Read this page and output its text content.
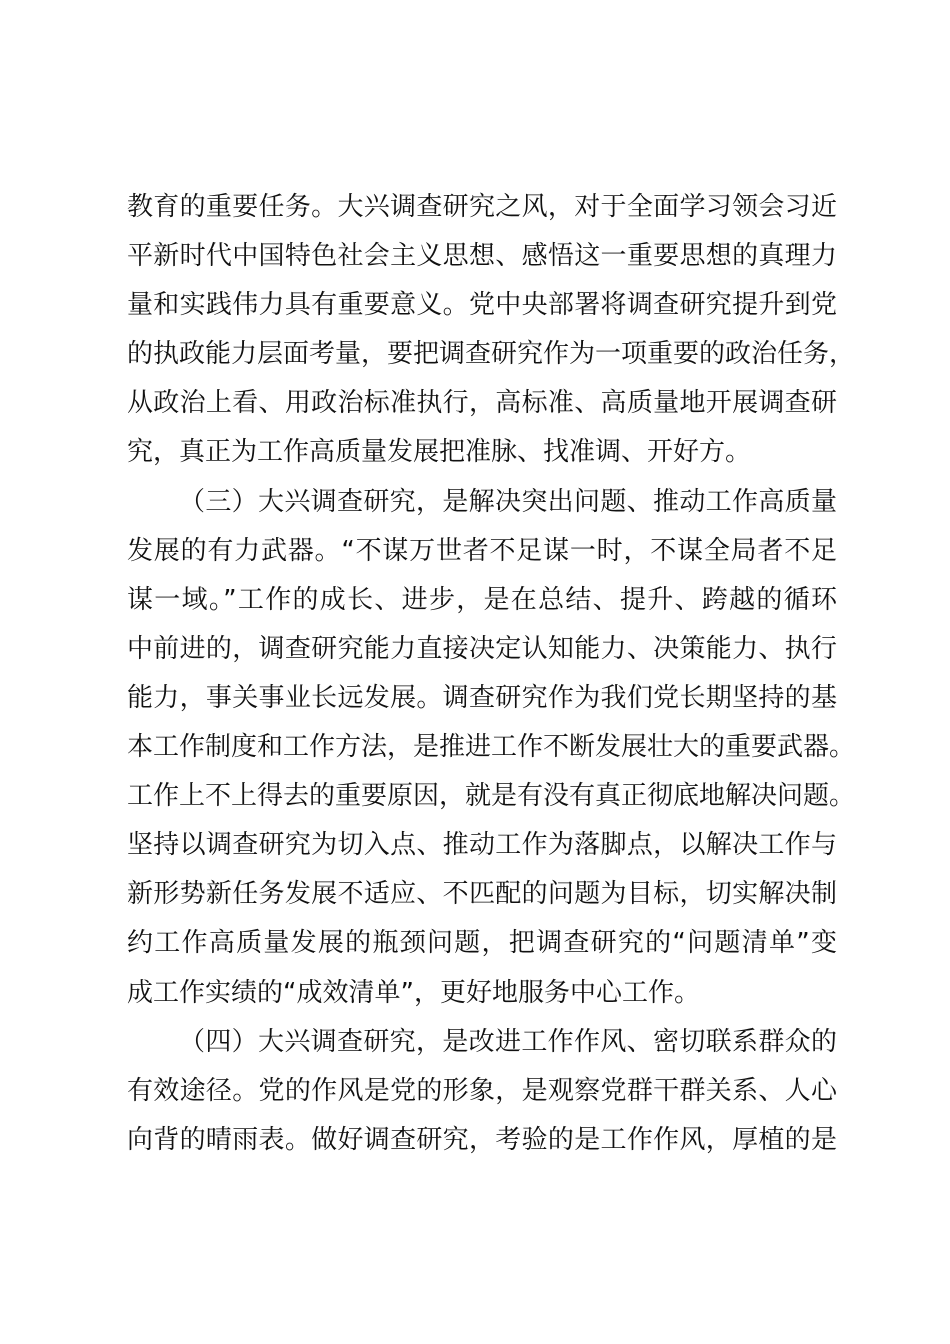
教育的重要任务。大兴调查研究之风，对于全面学习领会习近
平新时代中国特色社会主义思想、感悟这一重要思想的真理力
量和实践伟力具有重要意义。党中央部署将调查研究提升到党
的执政能力层面考量，要把调查研究作为一项重要的政治任务，
从政治上看、用政治标准执行，高标准、高质量地开展调查研
究，真正为工作高质量发展把准脉、找准调、开好方。
（三）大兴调查研究，是解决突出问题、推动工作高质量
发展的有力武器。“不谋万世者不足谋一时，不谋全局者不足
谋一域。”工作的成长、进步，是在总结、提升、跨越的循环
中前进的，调查研究能力直接决定认知能力、决策能力、执行
能力，事关事业长远发展。调查研究作为我们党长期坚持的基
本工作制度和工作方法，是推进工作不断发展壮大的重要武器。
工作上不上得去的重要原因，就是有没有真正彻底地解决问题。
坚持以调查研究为切入点、推动工作为落脚点，以解决工作与
新形势新任务发展不适应、不匹配的问题为目标，切实解决制
约工作高质量发展的瓶颈问题，把调查研究的“问题清单”变
成工作实绩的“成效清单”，更好地服务中心工作。
（四）大兴调查研究，是改进工作作风、密切联系群众的
有效途径。党的作风是党的形象，是观察党群干群关系、人心
向背的晴雨表。做好调查研究，考验的是工作作风，厚植的是
